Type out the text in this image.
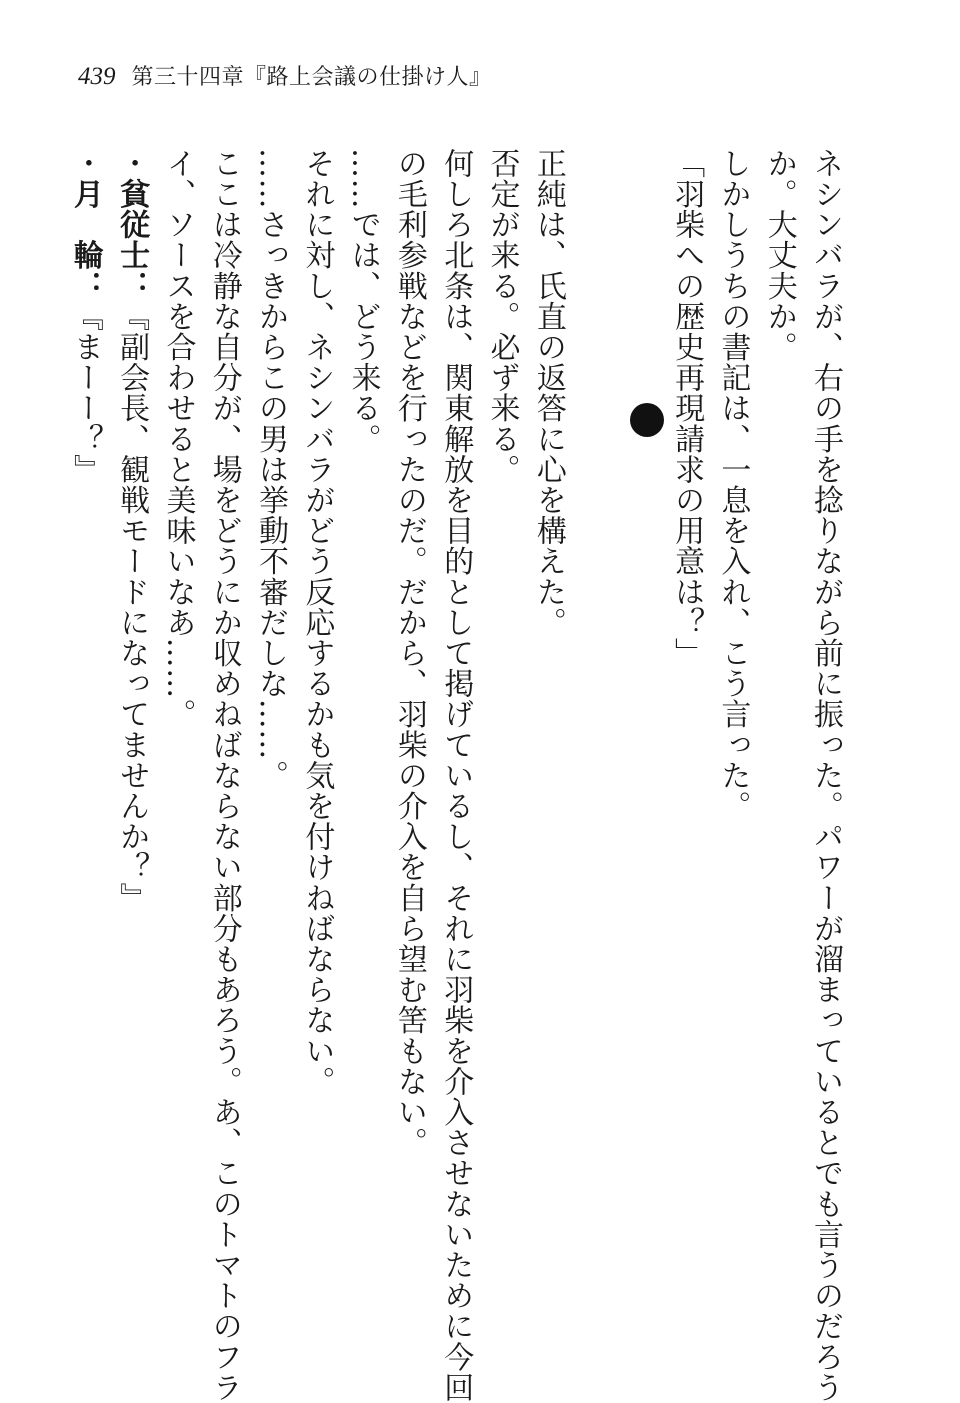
439 第三十四章『路上会議の仕掛け人』

ネシンバラが、右の手を捻りながら前に振った。パワーが溜まっているとでも言うのだろう

か。大丈夫か。

しかしうちの書記は、一息を入れ、こう言った。

「羽柴への歴史再現請求の用意は？」

正純は、氏直の返答に心を構えた。

否定が来る。必ず来る。

何しろ北条は、関東解放を目的として掲げているし、それに羽柴を介入させないために今回

の毛利参戦などを行ったのだ。だから、羽柴の介入を自ら望む筈もない。

……では、どう来る。

それに対し、ネシンバラがどう反応するかも気を付けねばならない。

……さっきからこの男は挙動不審だしな……。

ここは冷静な自分が、場をどうにか収めねばならない部分もあろう。あ、このトマトのフラ

イ、ソースを合わせると美味いなあ……。

・貧従士：『副会長、観戦モードになってませんか？』

・月　輪：『まーー？』
